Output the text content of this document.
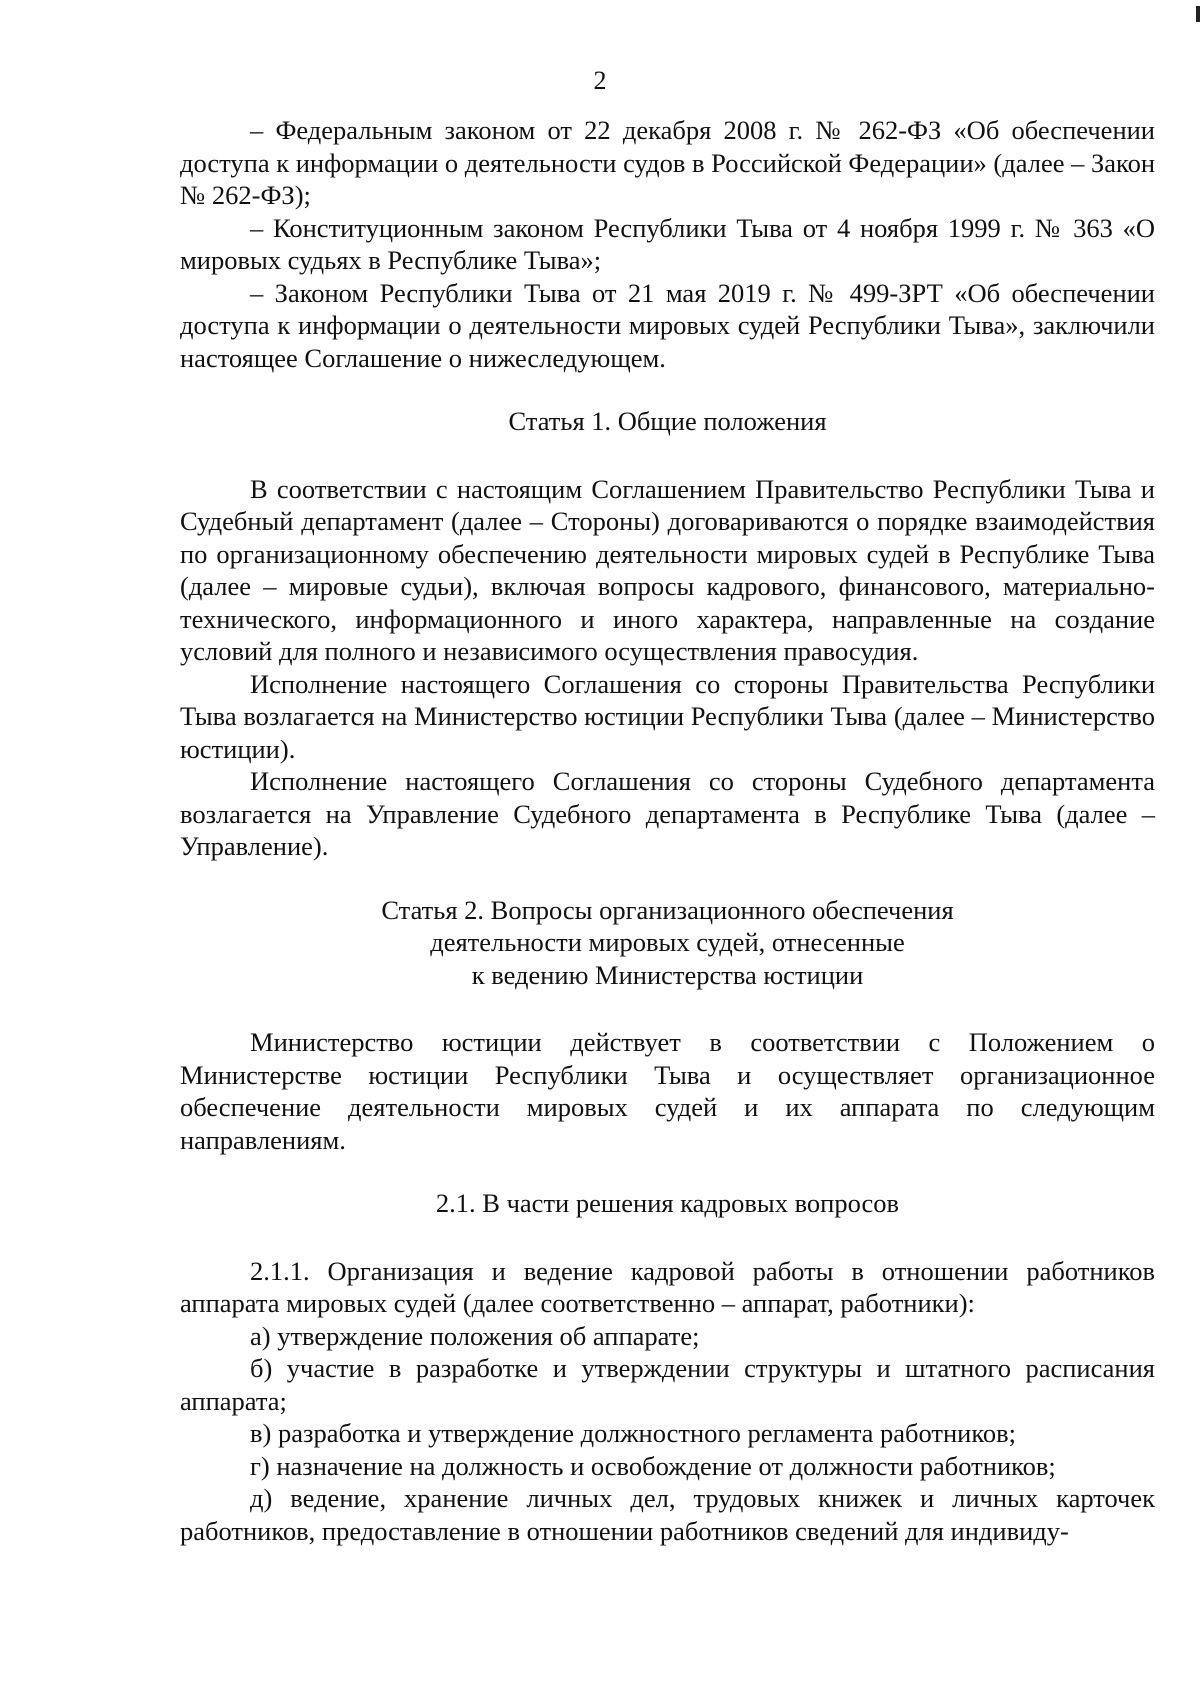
2

– Федеральным законом от 22 декабря 2008 г. № 262-ФЗ «Об обеспечении доступа к информации о деятельности судов в Российской Федерации» (далее – Закон № 262-ФЗ);

– Конституционным законом Республики Тыва от 4 ноября 1999 г. № 363 «О мировых судьях в Республике Тыва»;

– Законом Республики Тыва от 21 мая 2019 г. № 499-ЗРТ «Об обеспечении доступа к информации о деятельности мировых судей Республики Тыва», заключили настоящее Соглашение о нижеследующем.

Статья 1. Общие положения

В соответствии с настоящим Соглашением Правительство Республики Тыва и Судебный департамент (далее – Стороны) договариваются о порядке взаимодействия по организационному обеспечению деятельности мировых судей в Республике Тыва (далее – мировые судьи), включая вопросы кадрового, финансового, материально-технического, информационного и иного характера, направленные на создание условий для полного и независимого осуществления правосудия.

Исполнение настоящего Соглашения со стороны Правительства Республики Тыва возлагается на Министерство юстиции Республики Тыва (далее – Министерство юстиции).

Исполнение настоящего Соглашения со стороны Судебного департамента возлагается на Управление Судебного департамента в Республике Тыва (далее – Управление).

Статья 2. Вопросы организационного обеспечения
деятельности мировых судей, отнесенные
к ведению Министерства юстиции

Министерство юстиции действует в соответствии с Положением о Министерстве юстиции Республики Тыва и осуществляет организационное обеспечение деятельности мировых судей и их аппарата по следующим направлениям.

2.1. В части решения кадровых вопросов

2.1.1. Организация и ведение кадровой работы в отношении работников аппарата мировых судей (далее соответственно – аппарат, работники):

а) утверждение положения об аппарате;

б) участие в разработке и утверждении структуры и штатного расписания аппарата;

в) разработка и утверждение должностного регламента работников;

г) назначение на должность и освобождение от должности работников;

д) ведение, хранение личных дел, трудовых книжек и личных карточек работников, предоставление в отношении работников сведений для индивиду-
